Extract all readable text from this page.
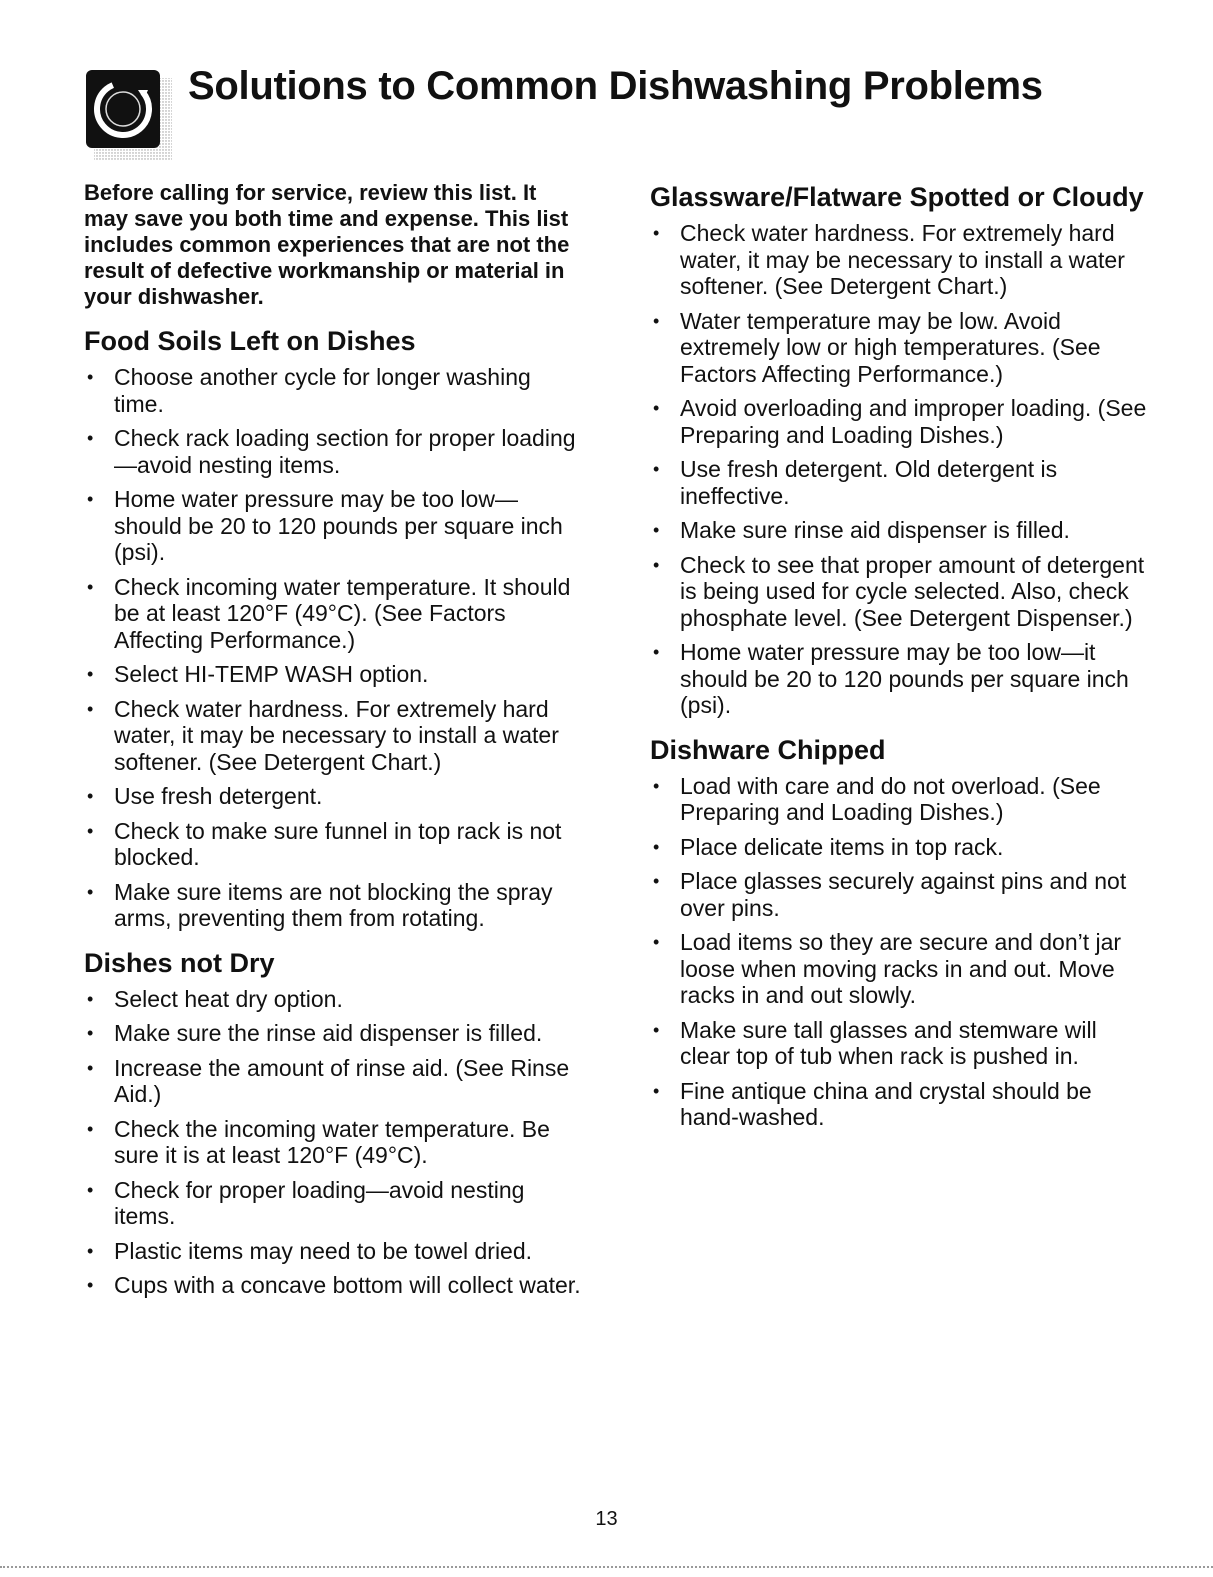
Solutions to Common Dishwashing Problems

Before calling for service, review this list. It may save you both time and expense. This list includes common experiences that are not the result of defective workmanship or material in your dishwasher.

Food Soils Left on Dishes
• Choose another cycle for longer washing time.
• Check rack loading section for proper loading—avoid nesting items.
• Home water pressure may be too low—should be 20 to 120 pounds per square inch (psi).
• Check incoming water temperature. It should be at least 120°F (49°C). (See Factors Affecting Performance.)
• Select HI-TEMP WASH option.
• Check water hardness. For extremely hard water, it may be necessary to install a water softener. (See Detergent Chart.)
• Use fresh detergent.
• Check to make sure funnel in top rack is not blocked.
• Make sure items are not blocking the spray arms, preventing them from rotating.
Dishes not Dry
• Select heat dry option.
• Make sure the rinse aid dispenser is filled.
• Increase the amount of rinse aid. (See Rinse Aid.)
• Check the incoming water temperature. Be sure it is at least 120°F (49°C).
• Check for proper loading—avoid nesting items.
• Plastic items may need to be towel dried.
• Cups with a concave bottom will collect water.
Glassware/Flatware Spotted or Cloudy
• Check water hardness. For extremely hard water, it may be necessary to install a water softener. (See Detergent Chart.)
• Water temperature may be low. Avoid extremely low or high temperatures. (See Factors Affecting Performance.)
• Avoid overloading and improper loading. (See Preparing and Loading Dishes.)
• Use fresh detergent. Old detergent is ineffective.
• Make sure rinse aid dispenser is filled.
• Check to see that proper amount of detergent is being used for cycle selected. Also, check phosphate level. (See Detergent Dispenser.)
• Home water pressure may be too low—it should be 20 to 120 pounds per square inch (psi).
Dishware Chipped
• Load with care and do not overload. (See Preparing and Loading Dishes.)
• Place delicate items in top rack.
• Place glasses securely against pins and not over pins.
• Load items so they are secure and don’t jar loose when moving racks in and out. Move racks in and out slowly.
• Make sure tall glasses and stemware will clear top of tub when rack is pushed in.
• Fine antique china and crystal should be hand-washed.
13
